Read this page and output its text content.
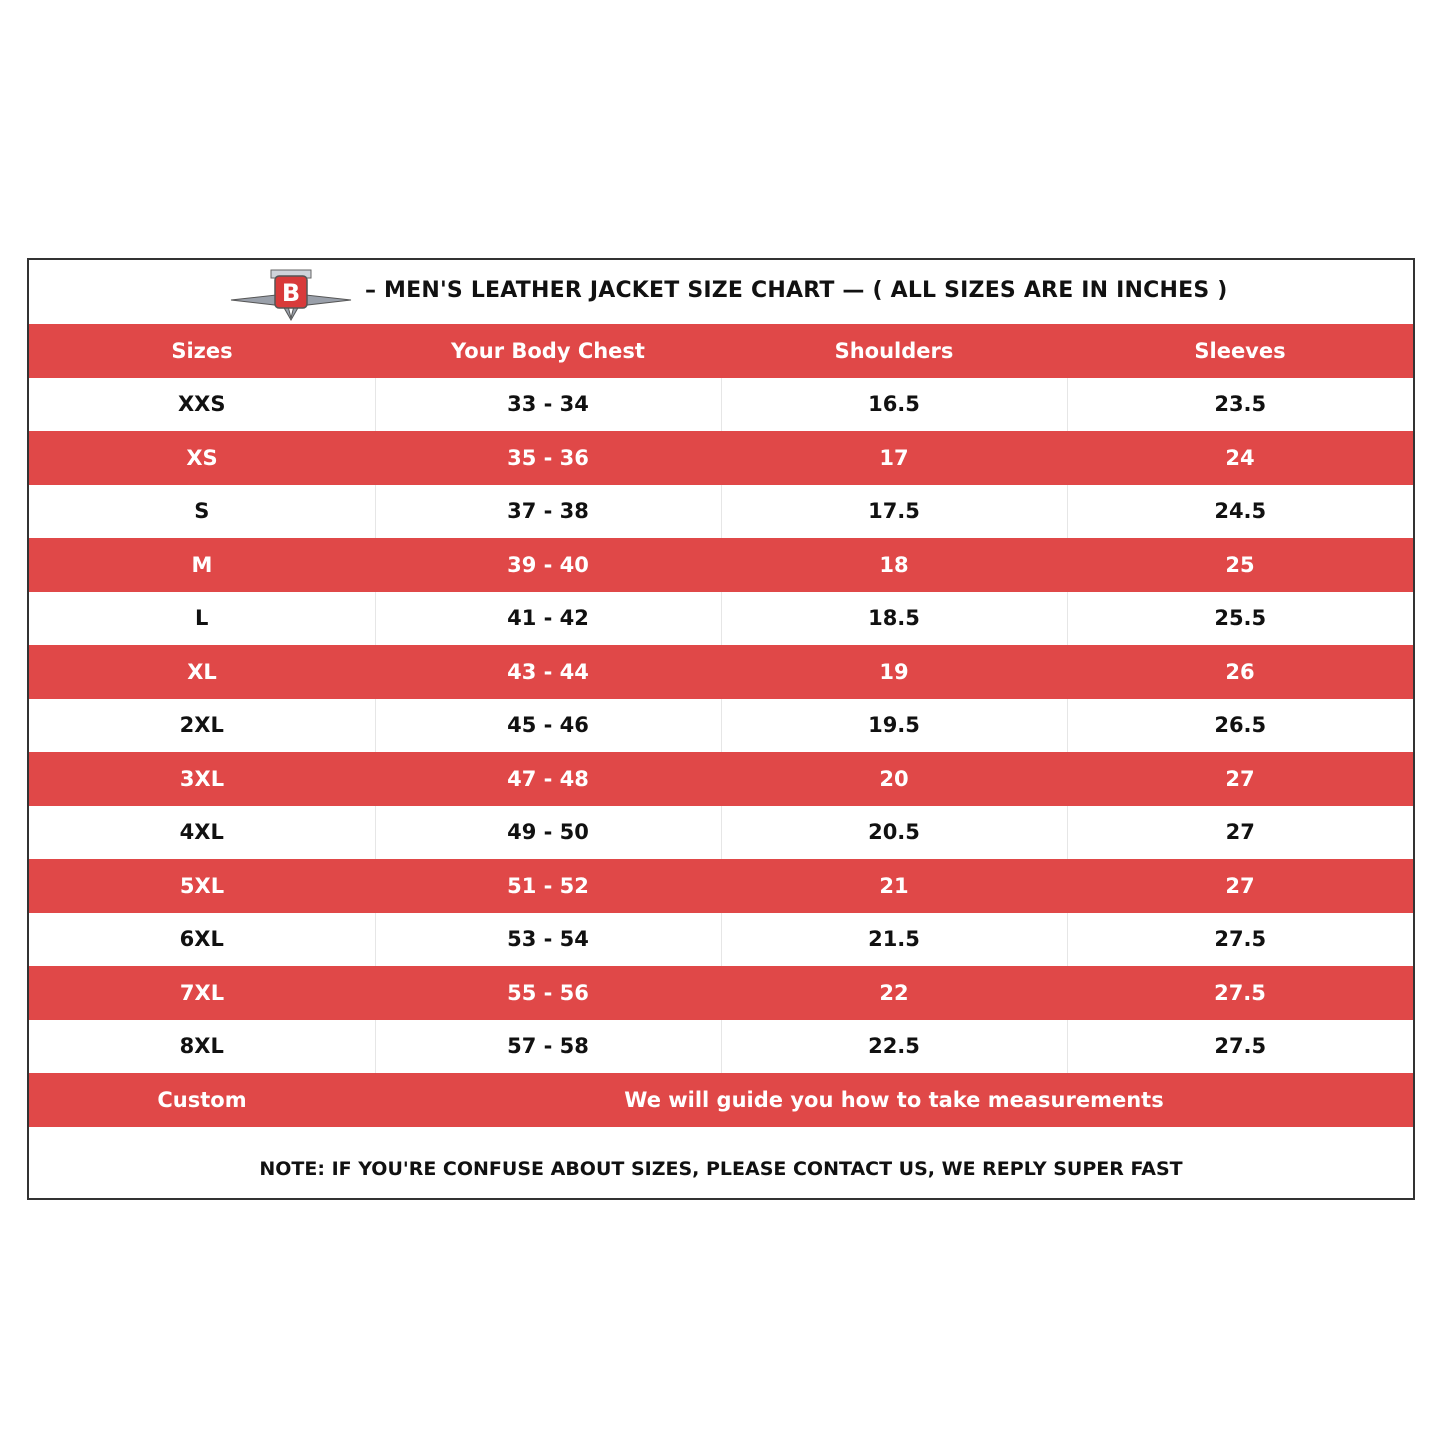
B	– MEN'S LEATHER JACKET SIZE CHART — ( ALL SIZES ARE IN INCHES )
Sizes	Your Body Chest	Shoulders	Sleeves
XXS	33 - 34	16.5	23.5
XS	35 - 36	17	24
S	37 - 38	17.5	24.5
M	39 - 40	18	25
L	41 - 42	18.5	25.5
XL	43 - 44	19	26
2XL	45 - 46	19.5	26.5
3XL	47 - 48	20	27
4XL	49 - 50	20.5	27
5XL	51 - 52	21	27
6XL	53 - 54	21.5	27.5
7XL	55 - 56	22	27.5
8XL	57 - 58	22.5	27.5
Custom	We will guide you how to take measurements		
NOTE: IF YOU'RE CONFUSE ABOUT SIZES, PLEASE CONTACT US, WE REPLY SUPER FAST
